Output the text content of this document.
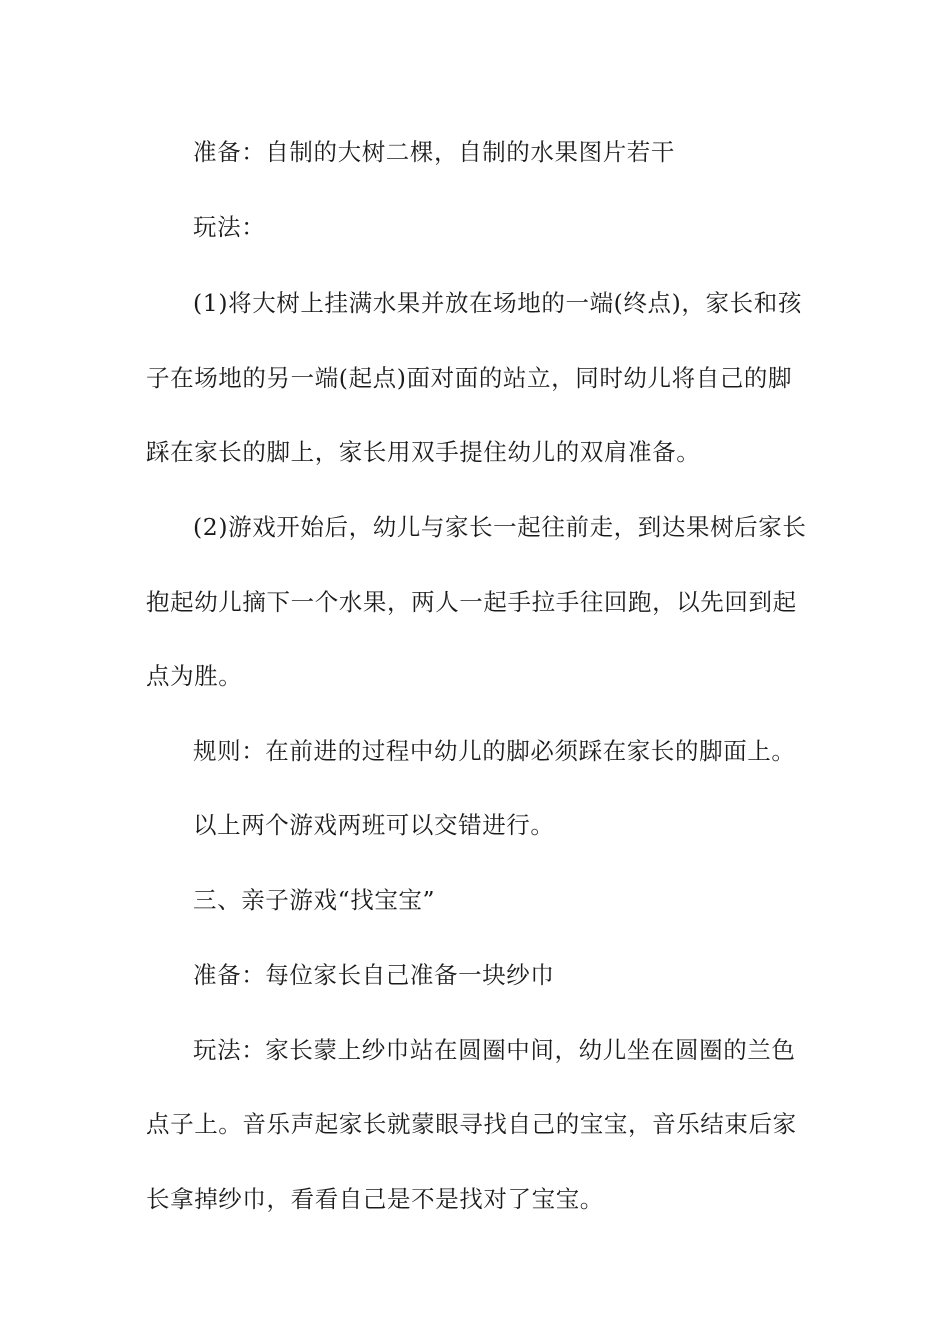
准备：自制的大树二棵，自制的水果图片若干
玩法：
(1)将大树上挂满水果并放在场地的一端(终点)，家长和孩
子在场地的另一端(起点)面对面的站立，同时幼儿将自己的脚
踩在家长的脚上，家长用双手提住幼儿的双肩准备。
(2)游戏开始后，幼儿与家长一起往前走，到达果树后家长
抱起幼儿摘下一个水果，两人一起手拉手往回跑，以先回到起
点为胜。
规则：在前进的过程中幼儿的脚必须踩在家长的脚面上。
以上两个游戏两班可以交错进行。
三、亲子游戏“找宝宝”
准备：每位家长自己准备一块纱巾
玩法：家长蒙上纱巾站在圆圈中间，幼儿坐在圆圈的兰色
点子上。音乐声起家长就蒙眼寻找自己的宝宝，音乐结束后家
长拿掉纱巾，看看自己是不是找对了宝宝。
